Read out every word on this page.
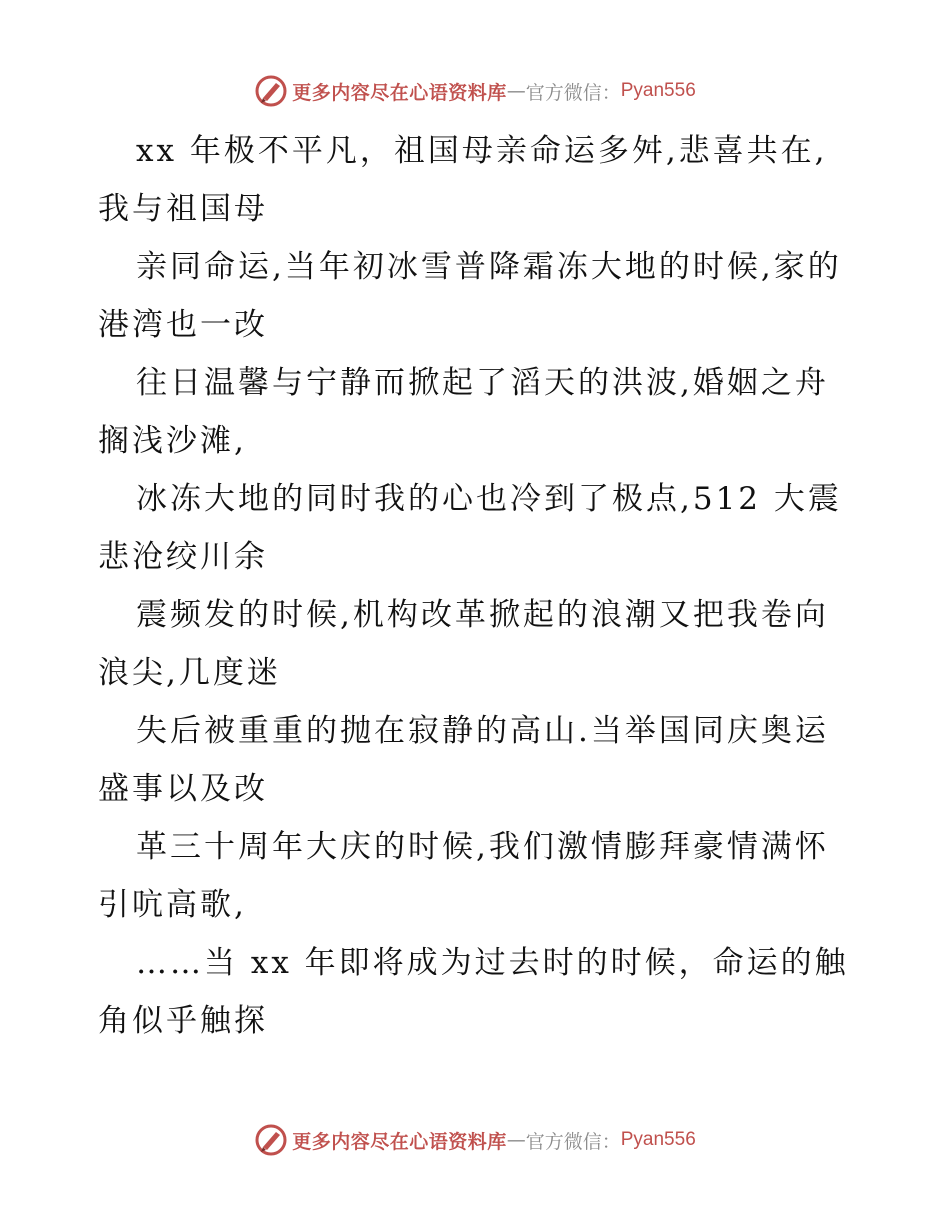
更多内容尽在心语资料库 — 官方微信： Pyan556

xx 年极不平凡，祖国母亲命运多舛,悲喜共在,我与祖国母

亲同命运,当年初冰雪普降霜冻大地的时候,家的港湾也一改

往日温馨与宁静而掀起了滔天的洪波,婚姻之舟搁浅沙滩,

冰冻大地的同时我的心也冷到了极点,512 大震悲沧绞川余

震频发的时候,机构改革掀起的浪潮又把我卷向浪尖,几度迷

失后被重重的抛在寂静的高山.当举国同庆奥运盛事以及改

革三十周年大庆的时候,我们激情膨拜豪情满怀引吭高歌,

……当 xx 年即将成为过去时的时候，命运的触角似乎触探

更多内容尽在心语资料库 — 官方微信： Pyan556
